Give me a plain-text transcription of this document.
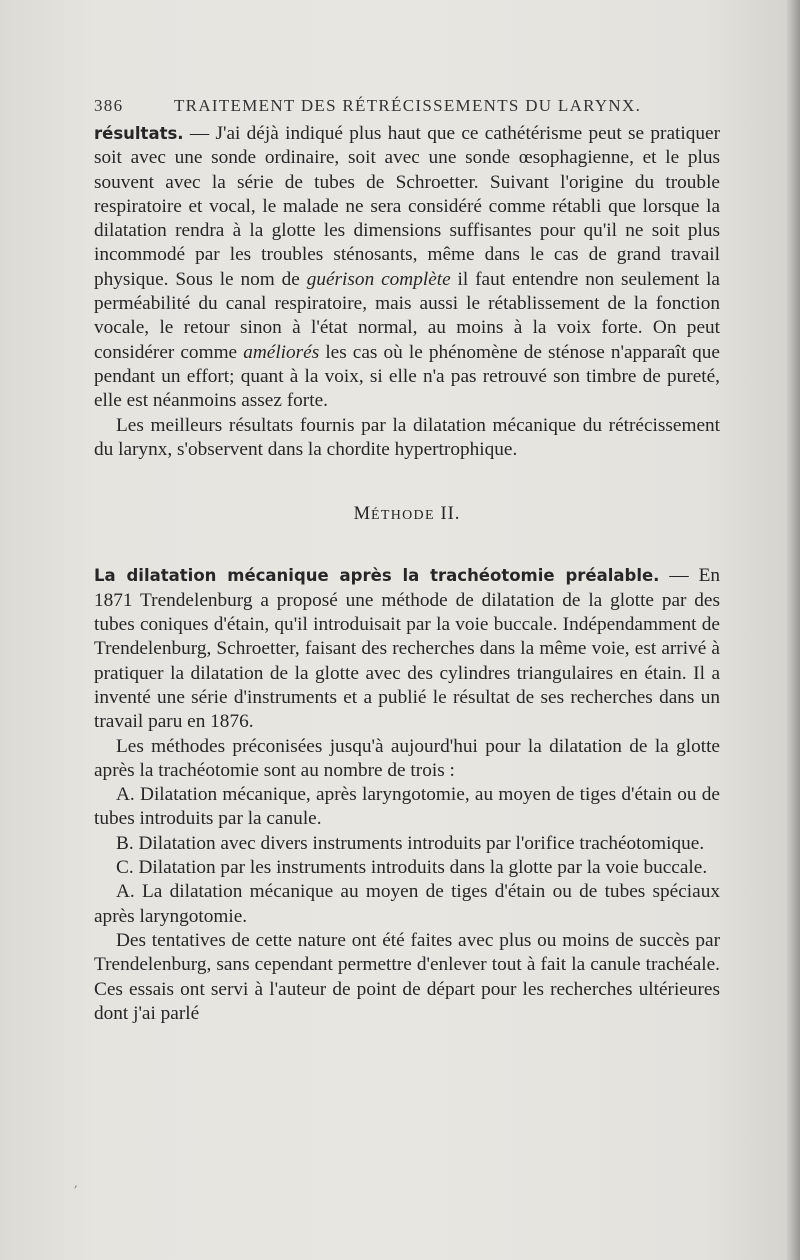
386	TRAITEMENT DES RÉTRÉCISSEMENTS DU LARYNX.

résultats. — J'ai déjà indiqué plus haut que ce cathétérisme peut se pratiquer soit avec une sonde ordinaire, soit avec une sonde œsophagienne, et le plus souvent avec la série de tubes de Schroetter. Suivant l'origine du trouble respiratoire et vocal, le malade ne sera considéré comme rétabli que lorsque la dilatation rendra à la glotte les dimensions suffisantes pour qu'il ne soit plus incommodé par les troubles sténosants, même dans le cas de grand travail physique. Sous le nom de guérison complète il faut entendre non seulement la perméabilité du canal respiratoire, mais aussi le rétablissement de la fonction vocale, le retour sinon à l'état normal, au moins à la voix forte. On peut considérer comme améliorés les cas où le phénomène de sténose n'apparaît que pendant un effort; quant à la voix, si elle n'a pas retrouvé son timbre de pureté, elle est néanmoins assez forte.

Les meilleurs résultats fournis par la dilatation mécanique du rétrécissement du larynx, s'observent dans la chordite hypertrophique.

MÉTHODE II.

La dilatation mécanique après la trachéotomie préalable. — En 1871 Trendelenburg a proposé une méthode de dilatation de la glotte par des tubes coniques d'étain, qu'il introduisait par la voie buccale. Indépendamment de Trendelenburg, Schroetter, faisant des recherches dans la même voie, est arrivé à pratiquer la dilatation de la glotte avec des cylindres triangulaires en étain. Il a inventé une série d'instruments et a publié le résultat de ses recherches dans un travail paru en 1876.

Les méthodes préconisées jusqu'à aujourd'hui pour la dilatation de la glotte après la trachéotomie sont au nombre de trois :

A. Dilatation mécanique, après laryngotomie, au moyen de tiges d'étain ou de tubes introduits par la canule.

B. Dilatation avec divers instruments introduits par l'orifice trachéotomique.

C. Dilatation par les instruments introduits dans la glotte par la voie buccale.

A. La dilatation mécanique au moyen de tiges d'étain ou de tubes spéciaux après laryngotomie.

Des tentatives de cette nature ont été faites avec plus ou moins de succès par Trendelenburg, sans cependant permettre d'enlever tout à fait la canule trachéale. Ces essais ont servi à l'auteur de point de départ pour les recherches ultérieures dont j'ai parlé

,
